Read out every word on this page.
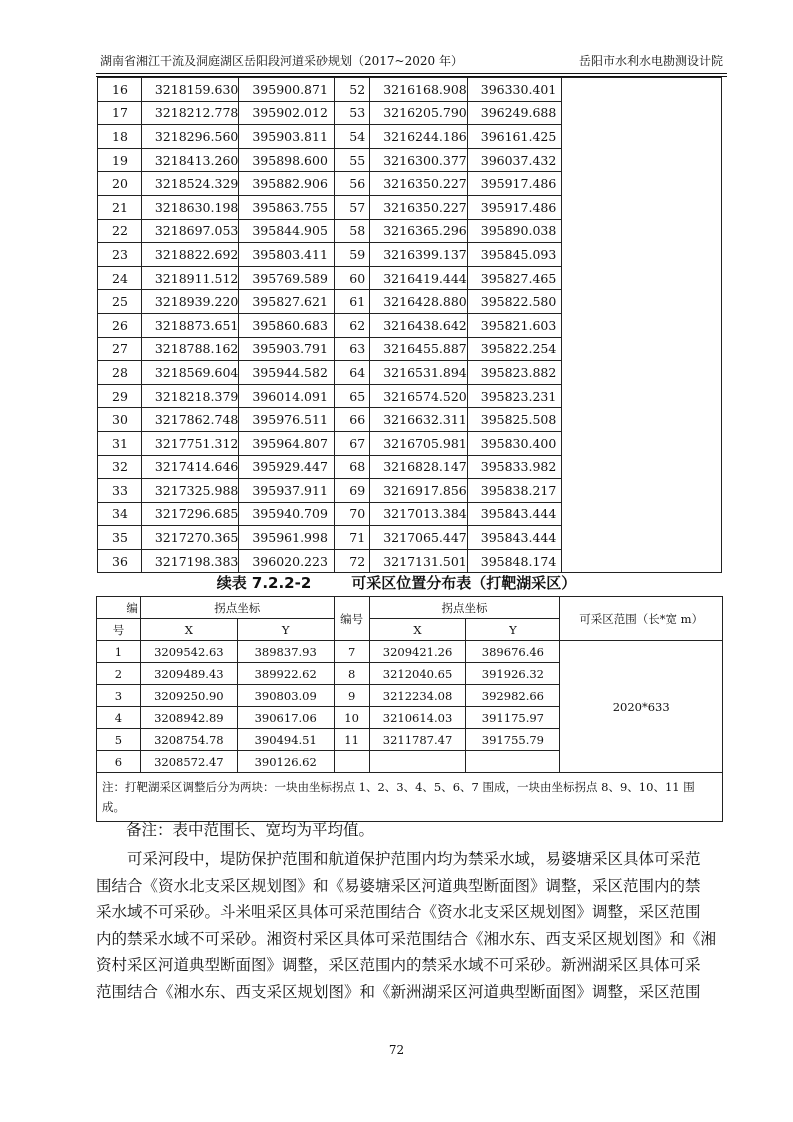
湖南省湘江干流及洞庭湖区岳阳段河道采砂规划（2017~2020 年）	岳阳市水利水电勘测设计院
16	3218159.630	395900.871	52	3216168.908	396330.401	
17	3218212.778	395902.012	53	3216205.790	396249.688	
18	3218296.560	395903.811	54	3216244.186	396161.425	
19	3218413.260	395898.600	55	3216300.377	396037.432	
20	3218524.329	395882.906	56	3216350.227	395917.486	
21	3218630.198	395863.755	57	3216350.227	395917.486	
22	3218697.053	395844.905	58	3216365.296	395890.038	
23	3218822.692	395803.411	59	3216399.137	395845.093	
24	3218911.512	395769.589	60	3216419.444	395827.465	
25	3218939.220	395827.621	61	3216428.880	395822.580	
26	3218873.651	395860.683	62	3216438.642	395821.603	
27	3218788.162	395903.791	63	3216455.887	395822.254	
28	3218569.604	395944.582	64	3216531.894	395823.882	
29	3218218.379	396014.091	65	3216574.520	395823.231	
30	3217862.748	395976.511	66	3216632.311	395825.508	
31	3217751.312	395964.807	67	3216705.981	395830.400	
32	3217414.646	395929.447	68	3216828.147	395833.982	
33	3217325.988	395937.911	69	3216917.856	395838.217	
34	3217296.685	395940.709	70	3217013.384	395843.444	
35	3217270.365	395961.998	71	3217065.447	395843.444	
36	3217198.383	396020.223	72	3217131.501	395848.174	
续表 7.2.2-2	可采区位置分布表（打靶湖采区）
编	拐点坐标		编号	拐点坐标		可采区范围（长*宽 m）
号	X	Y		X	Y	
1	3209542.63	389837.93	7	3209421.26	389676.46	2020*633
2	3209489.43	389922.62	8	3212040.65	391926.32	
3	3209250.90	390803.09	9	3212234.08	392982.66	
4	3208942.89	390617.06	10	3210614.03	391175.97	
5	3208754.78	390494.51	11	3211787.47	391755.79	
6	3208572.47	390126.62				
注：打靶湖采区调整后分为两块：一块由坐标拐点 1、2、3、4、5、6、7 围成，一块由坐标拐点 8、9、10、11 围成。						
备注：表中范围长、宽均为平均值。
　　可采河段中，堤防保护范围和航道保护范围内均为禁采水域，易婆塘采区具体可采范
围结合《资水北支采区规划图》和《易婆塘采区河道典型断面图》调整，采区范围内的禁
采水域不可采砂。斗米咀采区具体可采范围结合《资水北支采区规划图》调整，采区范围
内的禁采水域不可采砂。湘资村采区具体可采范围结合《湘水东、西支采区规划图》和《湘
资村采区河道典型断面图》调整，采区范围内的禁采水域不可采砂。新洲湖采区具体可采
范围结合《湘水东、西支采区规划图》和《新洲湖采区河道典型断面图》调整，采区范围
72
